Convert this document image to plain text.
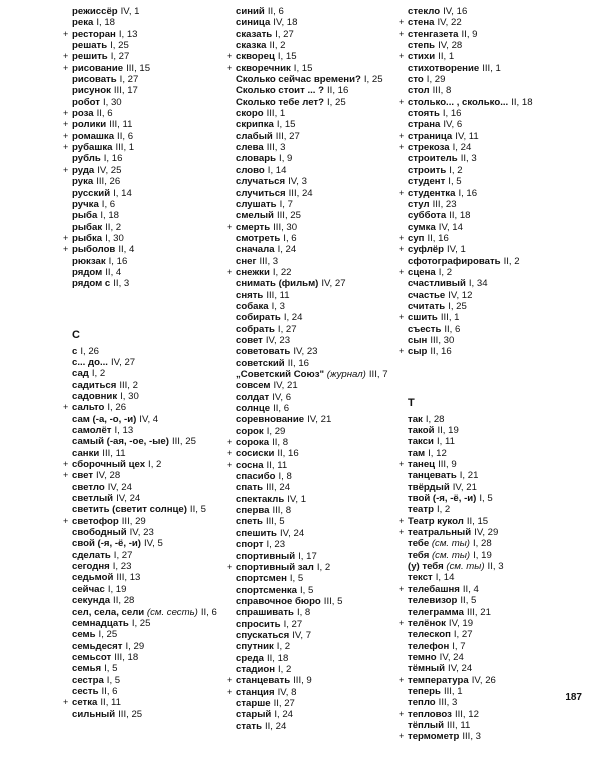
режиссёр IV, 1
река I, 18
+ ресторан I, 13
решать I, 25
+ решить I, 27
+ рисование III, 15
рисовать I, 27
рисунок III, 17
робот I, 30
+ роза II, 6
+ ролики III, 11
+ ромашка II, 6
+ рубашка III, 1
рубль I, 16
+ руда IV, 25
рука III, 26
русский I, 14
ручка I, 6
рыба I, 18
рыбак II, 2
+ рыбка I, 30
+ рыболов II, 4
рюкзак I, 16
рядом II, 4
рядом с II, 3
С
с I, 26
с... до... IV, 27
сад I, 2
садиться III, 2
садовник I, 30
+ сальто I, 26
сам (-а, -о, -и) IV, 4
самолёт I, 13
самый (-ая, -ое, -ые) III, 25
санки III, 11
+ сборочный цех I, 2
+ свет IV, 28
светло IV, 24
светлый IV, 24
светить (светит солнце) II, 5
+ светофор III, 29
свободный IV, 23
свой (-я, -ё, -и) IV, 5
сделать I, 27
сегодня I, 23
седьмой III, 13
сейчас I, 19
секунда II, 28
сел, села, сели (см. сесть) II, 6
семнадцать I, 25
семь I, 25
семьдесят I, 29
семьсот III, 18
семья I, 5
сестра I, 5
сесть II, 6
+ сетка II, 11
сильный III, 25
синий II, 6
синица IV, 18
сказать I, 27
сказка II, 2
+ скворец I, 15
+ скворечник I, 15
Сколько сейчас времени? I, 25
Сколько стоит ... ? II, 16
Сколько тебе лет? I, 25
скоро III, 1
скрипка I, 15
слабый III, 27
слева III, 3
словарь I, 9
слово I, 14
случаться IV, 3
случиться III, 24
слушать I, 7
смелый III, 25
+ смерть III, 30
смотреть I, 6
сначала I, 24
снег III, 3
+ снежки I, 22
снимать (фильм) IV, 27
снять III, 11
собака I, 3
собирать I, 24
собрать I, 27
совет IV, 23
советовать IV, 23
советский II, 16
„Советский Союз" (журнал) III, 7
совсем IV, 21
солдат IV, 6
солнце II, 6
соревнование IV, 21
сорок I, 29
+ сорока II, 8
+ сосиски II, 16
+ сосна II, 11
спасибо I, 8
спать III, 24
спектакль IV, 1
сперва III, 8
спеть III, 5
спешить IV, 24
спорт I, 23
спортивный I, 17
+ спортивный зал I, 2
спортсмен I, 5
спортсменка I, 5
справочное бюро III, 5
спрашивать I, 8
спросить I, 27
спускаться IV, 7
спутник I, 2
среда II, 18
стадион I, 2
+ станцевать III, 9
+ станция IV, 8
старше II, 27
старый I, 24
стать II, 24
стекло IV, 16
+ стена IV, 22
+ стенгазета II, 9
степь IV, 28
+ стихи II, 1
стихотворение III, 1
сто I, 29
стол III, 8
+ столько... , сколько... II, 18
стоять I, 16
страна IV, 6
+ страница IV, 11
+ стрекоза I, 24
строитель II, 3
строить I, 2
студент I, 5
+ студентка I, 16
стул III, 23
суббота II, 18
сумка IV, 14
+ суп II, 16
+ суфлёр IV, 1
сфотографировать II, 2
+ сцена I, 2
счастливый I, 34
счастье IV, 12
считать I, 25
+ сшить III, 1
съесть II, 6
сын III, 30
+ сыр II, 16
Т
так I, 28
такой II, 19
такси I, 11
там I, 12
+ танец III, 9
танцевать I, 21
твёрдый IV, 21
твой (-я, -ё, -и) I, 5
театр I, 2
+ Театр кукол II, 15
+ театральный IV, 29
тебе (см. ты) I, 28
тебя (см. ты) I, 19
(у) тебя (см. ты) II, 3
текст I, 14
+ телебашня II, 4
телевизор II, 5
телеграмма III, 21
+ телёнок IV, 19
телескоп I, 27
телефон I, 7
темно IV, 24
тёмный IV, 24
+ температура IV, 26
теперь III, 1
тепло III, 3
+ тепловоз III, 12
тёплый III, 11
+ термометр III, 3
187
